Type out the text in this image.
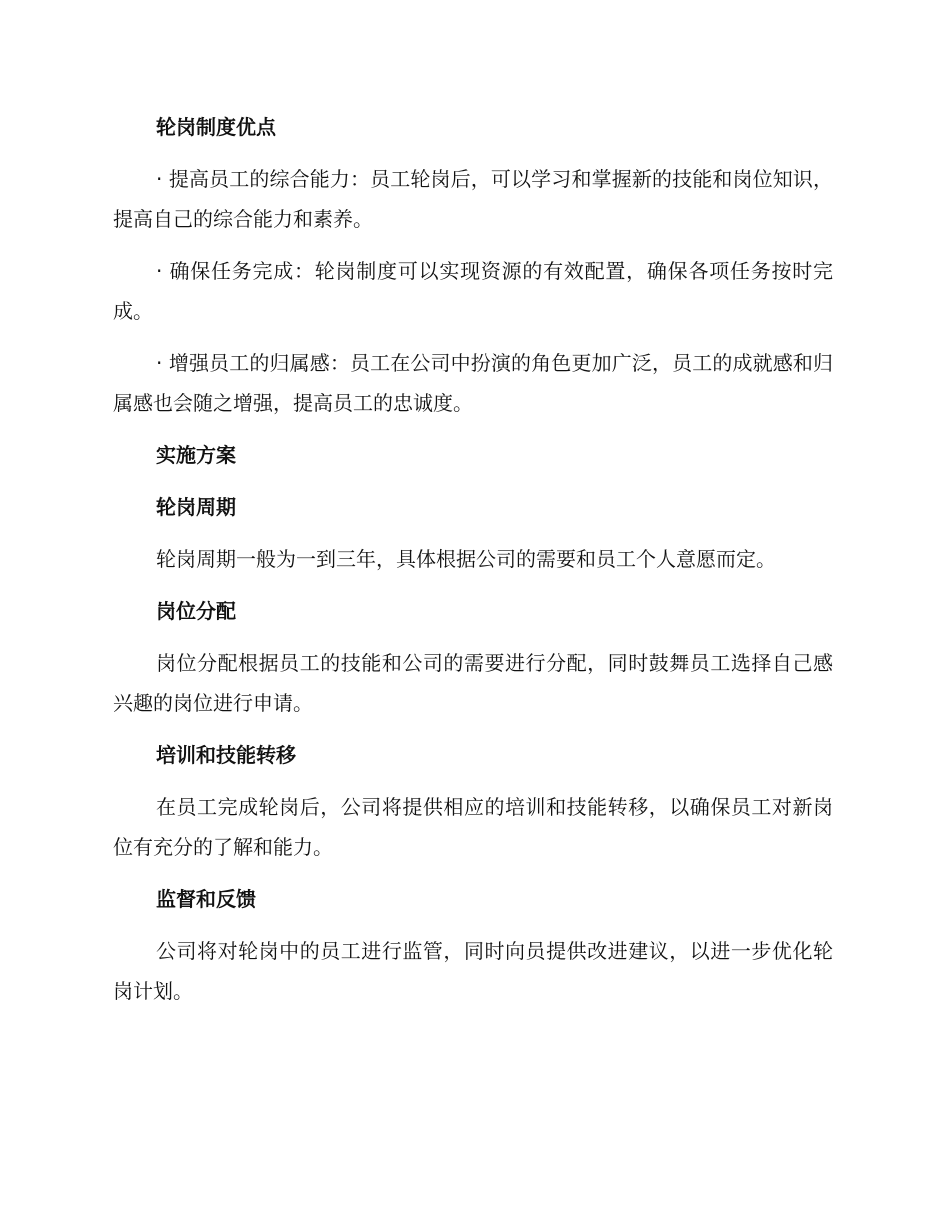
轮岗制度优点
· 提高员工的综合能力：员工轮岗后，可以学习和掌握新的技能和岗位知识，提高自己的综合能力和素养。
· 确保任务完成：轮岗制度可以实现资源的有效配置，确保各项任务按时完成。
· 增强员工的归属感：员工在公司中扮演的角色更加广泛，员工的成就感和归属感也会随之增强，提高员工的忠诚度。
实施方案
轮岗周期
轮岗周期一般为一到三年，具体根据公司的需要和员工个人意愿而定。
岗位分配
岗位分配根据员工的技能和公司的需要进行分配，同时鼓舞员工选择自己感兴趣的岗位进行申请。
培训和技能转移
在员工完成轮岗后，公司将提供相应的培训和技能转移，以确保员工对新岗位有充分的了解和能力。
监督和反馈
公司将对轮岗中的员工进行监管，同时向员提供改进建议，以进一步优化轮岗计划。
